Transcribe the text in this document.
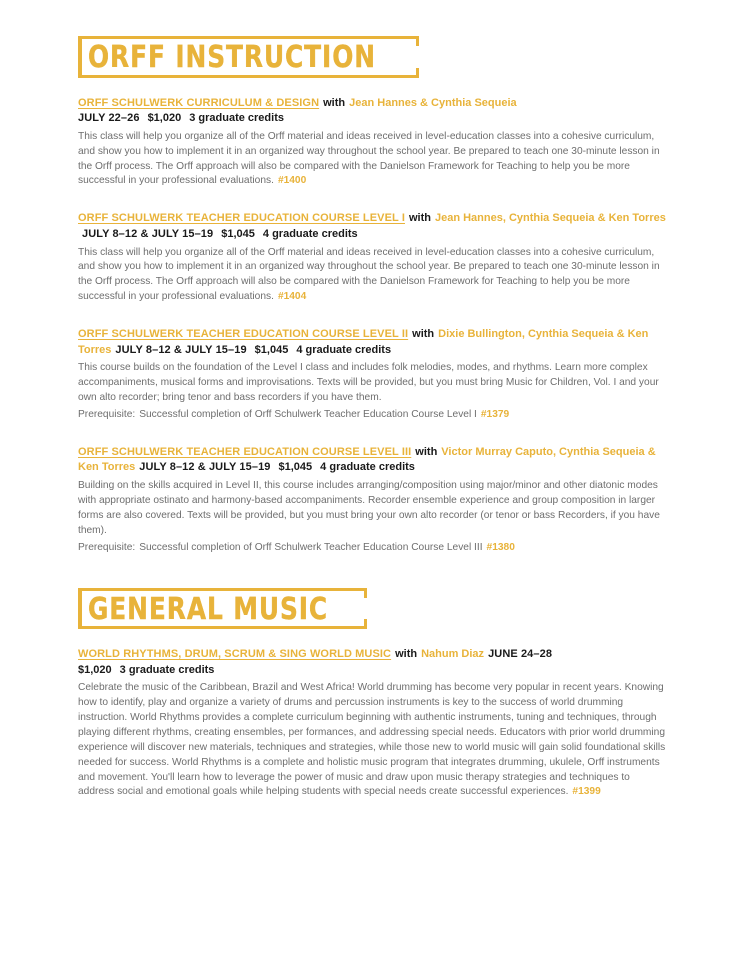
ORFF INSTRUCTION
ORFF SCHULWERK CURRICULUM & DESIGN with Jean Hannes & Cynthia Sequeia
JULY 22–26 $1,020 3 graduate credits
This class will help you organize all of the Orff material and ideas received in level-education classes into a cohesive curriculum, and show you how to implement it in an organized way throughout the school year. Be prepared to teach one 30-minute lesson in the Orff process. The Orff approach will also be compared with the Danielson Framework for Teaching to help you be more successful in your professional evaluations. #1400
ORFF SCHULWERK TEACHER EDUCATION COURSE LEVEL I with Jean Hannes, Cynthia Sequeia & Ken TorresJULY 8–12 & JULY 15–19 $1,045 4 graduate credits
This class will help you organize all of the Orff material and ideas received in level-education classes into a cohesive curriculum, and show you how to implement it in an organized way throughout the school year. Be prepared to teach one 30-minute lesson in the Orff process. The Orff approach will also be compared with the Danielson Framework for Teaching to help you be more successful in your professional evaluations. #1404
ORFF SCHULWERK TEACHER EDUCATION COURSE LEVEL II with Dixie Bullington, Cynthia Sequeia & Ken Torres JULY 8–12 & JULY 15–19 $1,045 4 graduate credits
This course builds on the foundation of the Level I class and includes folk melodies, modes, and rhythms. Learn more complex accompaniments, musical forms and improvisations. Texts will be provided, but you must bring Music for Children, Vol. I and your own alto recorder; bring tenor and bass recorders if you have them.
Prerequisite: Successful completion of Orff Schulwerk Teacher Education Course Level I #1379
ORFF SCHULWERK TEACHER EDUCATION COURSE LEVEL III with Victor Murray Caputo, Cynthia Sequeia & Ken Torres JULY 8–12 & JULY 15–19 $1,045 4 graduate credits
Building on the skills acquired in Level II, this course includes arranging/composition using major/minor and other diatonic modes with appropriate ostinato and harmony-based accompaniments. Recorder ensemble experience and group composition in larger forms are also covered. Texts will be provided, but you must bring your own alto recorder (or tenor or bass Recorders, if you have them).
Prerequisite: Successful completion of Orff Schulwerk Teacher Education Course Level III #1380
GENERAL MUSIC
WORLD RHYTHMS, DRUM, SCRUM & SING WORLD MUSIC with Nahum Diaz JUNE 24–28
$1,020 3 graduate credits
Celebrate the music of the Caribbean, Brazil and West Africa! World drumming has become very popular in recent years. Knowing how to identify, play and organize a variety of drums and percussion instruments is key to the success of world drumming instruction. World Rhythms provides a complete curriculum beginning with authentic instruments, tuning and techniques, through playing different rhythms, creating ensembles, per formances, and addressing special needs. Educators with prior world drumming experience will discover new materials, techniques and strategies, while those new to world music will gain solid foundational skills needed for success. World Rhythms is a complete and holistic music program that integrates drumming, ukulele, Orff instruments and movement. You'll learn how to leverage the power of music and draw upon music therapy strategies and techniques to address social and emotional goals while helping students with special needs create successful experiences. #1399
